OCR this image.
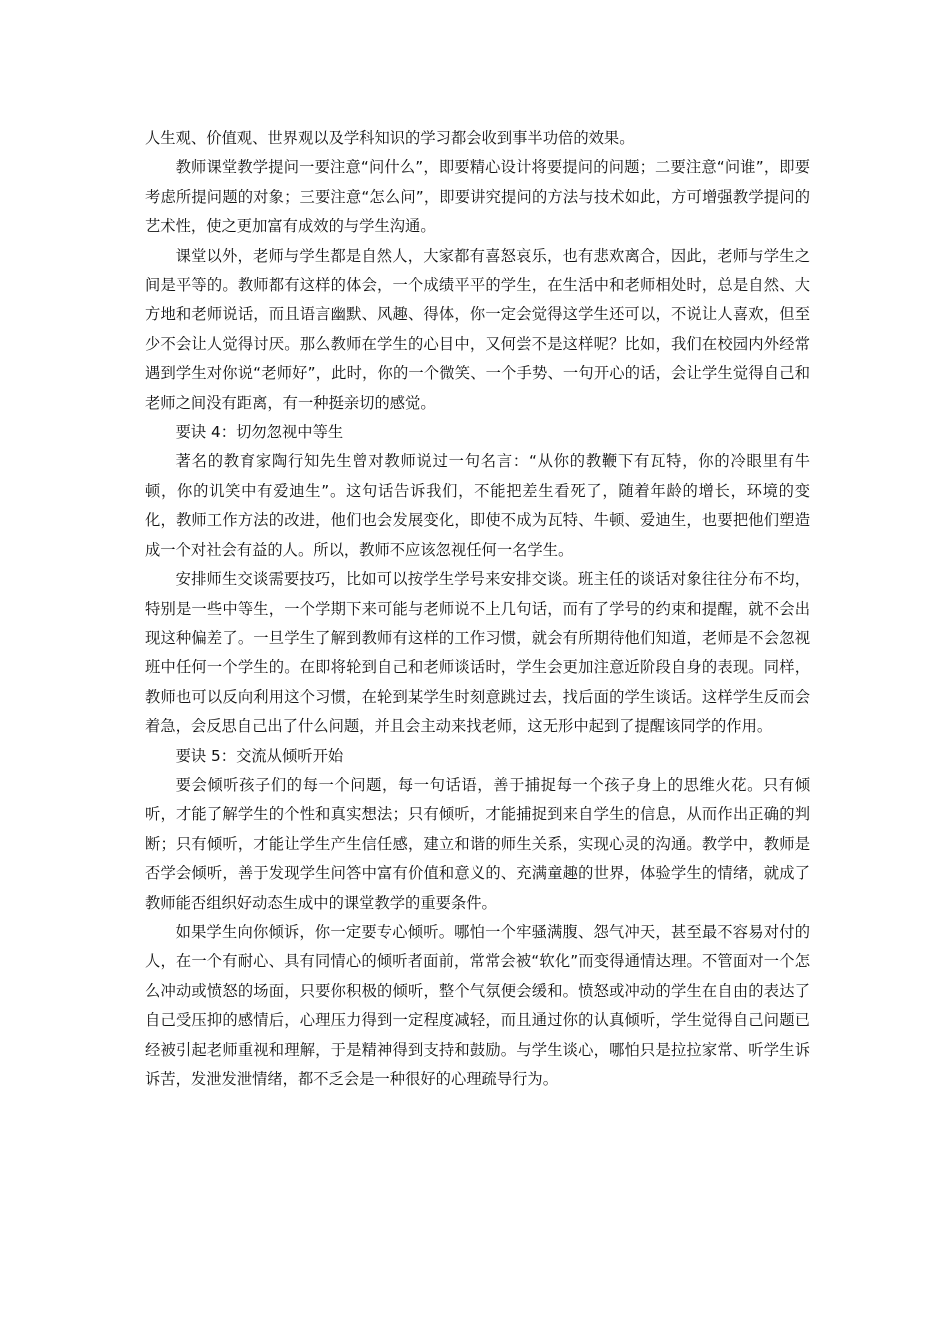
人生观、价值观、世界观以及学科知识的学习都会收到事半功倍的效果。

教师课堂教学提问一要注意“问什么”，即要精心设计将要提问的问题；二要注意“问谁”，即要考虑所提问题的对象；三要注意“怎么问”，即要讲究提问的方法与技术如此，方可增强教学提问的艺术性，使之更加富有成效的与学生沟通。

课堂以外，老师与学生都是自然人，大家都有喜怒哀乐，也有悲欢离合，因此，老师与学生之间是平等的。教师都有这样的体会，一个成绩平平的学生，在生活中和老师相处时，总是自然、大方地和老师说话，而且语言幽默、风趣、得体，你一定会觉得这学生还可以，不说让人喜欢，但至少不会让人觉得讨厌。那么教师在学生的心目中，又何尝不是这样呢？比如，我们在校园内外经常遇到学生对你说“老师好”，此时，你的一个微笑、一个手势、一句开心的话，会让学生觉得自己和老师之间没有距离，有一种挺亲切的感觉。

要诀 4：切勿忽视中等生

著名的教育家陶行知先生曾对教师说过一句名言：“从你的教鞭下有瓦特，你的冷眼里有牛顿，你的讥笑中有爱迪生”。这句话告诉我们，不能把差生看死了，随着年龄的增长，环境的变化，教师工作方法的改进，他们也会发展变化，即使不成为瓦特、牛顿、爱迪生，也要把他们塑造成一个对社会有益的人。所以，教师不应该忽视任何一名学生。

安排师生交谈需要技巧，比如可以按学生学号来安排交谈。班主任的谈话对象往往分布不均，特别是一些中等生，一个学期下来可能与老师说不上几句话，而有了学号的约束和提醒，就不会出现这种偏差了。一旦学生了解到教师有这样的工作习惯，就会有所期待他们知道，老师是不会忽视班中任何一个学生的。在即将轮到自己和老师谈话时，学生会更加注意近阶段自身的表现。同样，教师也可以反向利用这个习惯，在轮到某学生时刻意跳过去，找后面的学生谈话。这样学生反而会着急，会反思自己出了什么问题，并且会主动来找老师，这无形中起到了提醒该同学的作用。

要诀 5：交流从倾听开始

要会倾听孩子们的每一个问题，每一句话语，善于捕捉每一个孩子身上的思维火花。只有倾听，才能了解学生的个性和真实想法；只有倾听，才能捕捉到来自学生的信息，从而作出正确的判断；只有倾听，才能让学生产生信任感，建立和谐的师生关系，实现心灵的沟通。教学中，教师是否学会倾听，善于发现学生问答中富有价值和意义的、充满童趣的世界，体验学生的情绪，就成了教师能否组织好动态生成中的课堂教学的重要条件。

如果学生向你倾诉，你一定要专心倾听。哪怕一个牢骚满腹、怨气冲天，甚至最不容易对付的人，在一个有耐心、具有同情心的倾听者面前，常常会被“软化”而变得通情达理。不管面对一个怎么冲动或愤怒的场面，只要你积极的倾听，整个气氛便会缓和。愤怒或冲动的学生在自由的表达了自己受压抑的感情后，心理压力得到一定程度减轻，而且通过你的认真倾听，学生觉得自己问题已经被引起老师重视和理解，于是精神得到支持和鼓励。与学生谈心，哪怕只是拉拉家常、听学生诉诉苦，发泄发泄情绪，都不乏会是一种很好的心理疏导行为。
